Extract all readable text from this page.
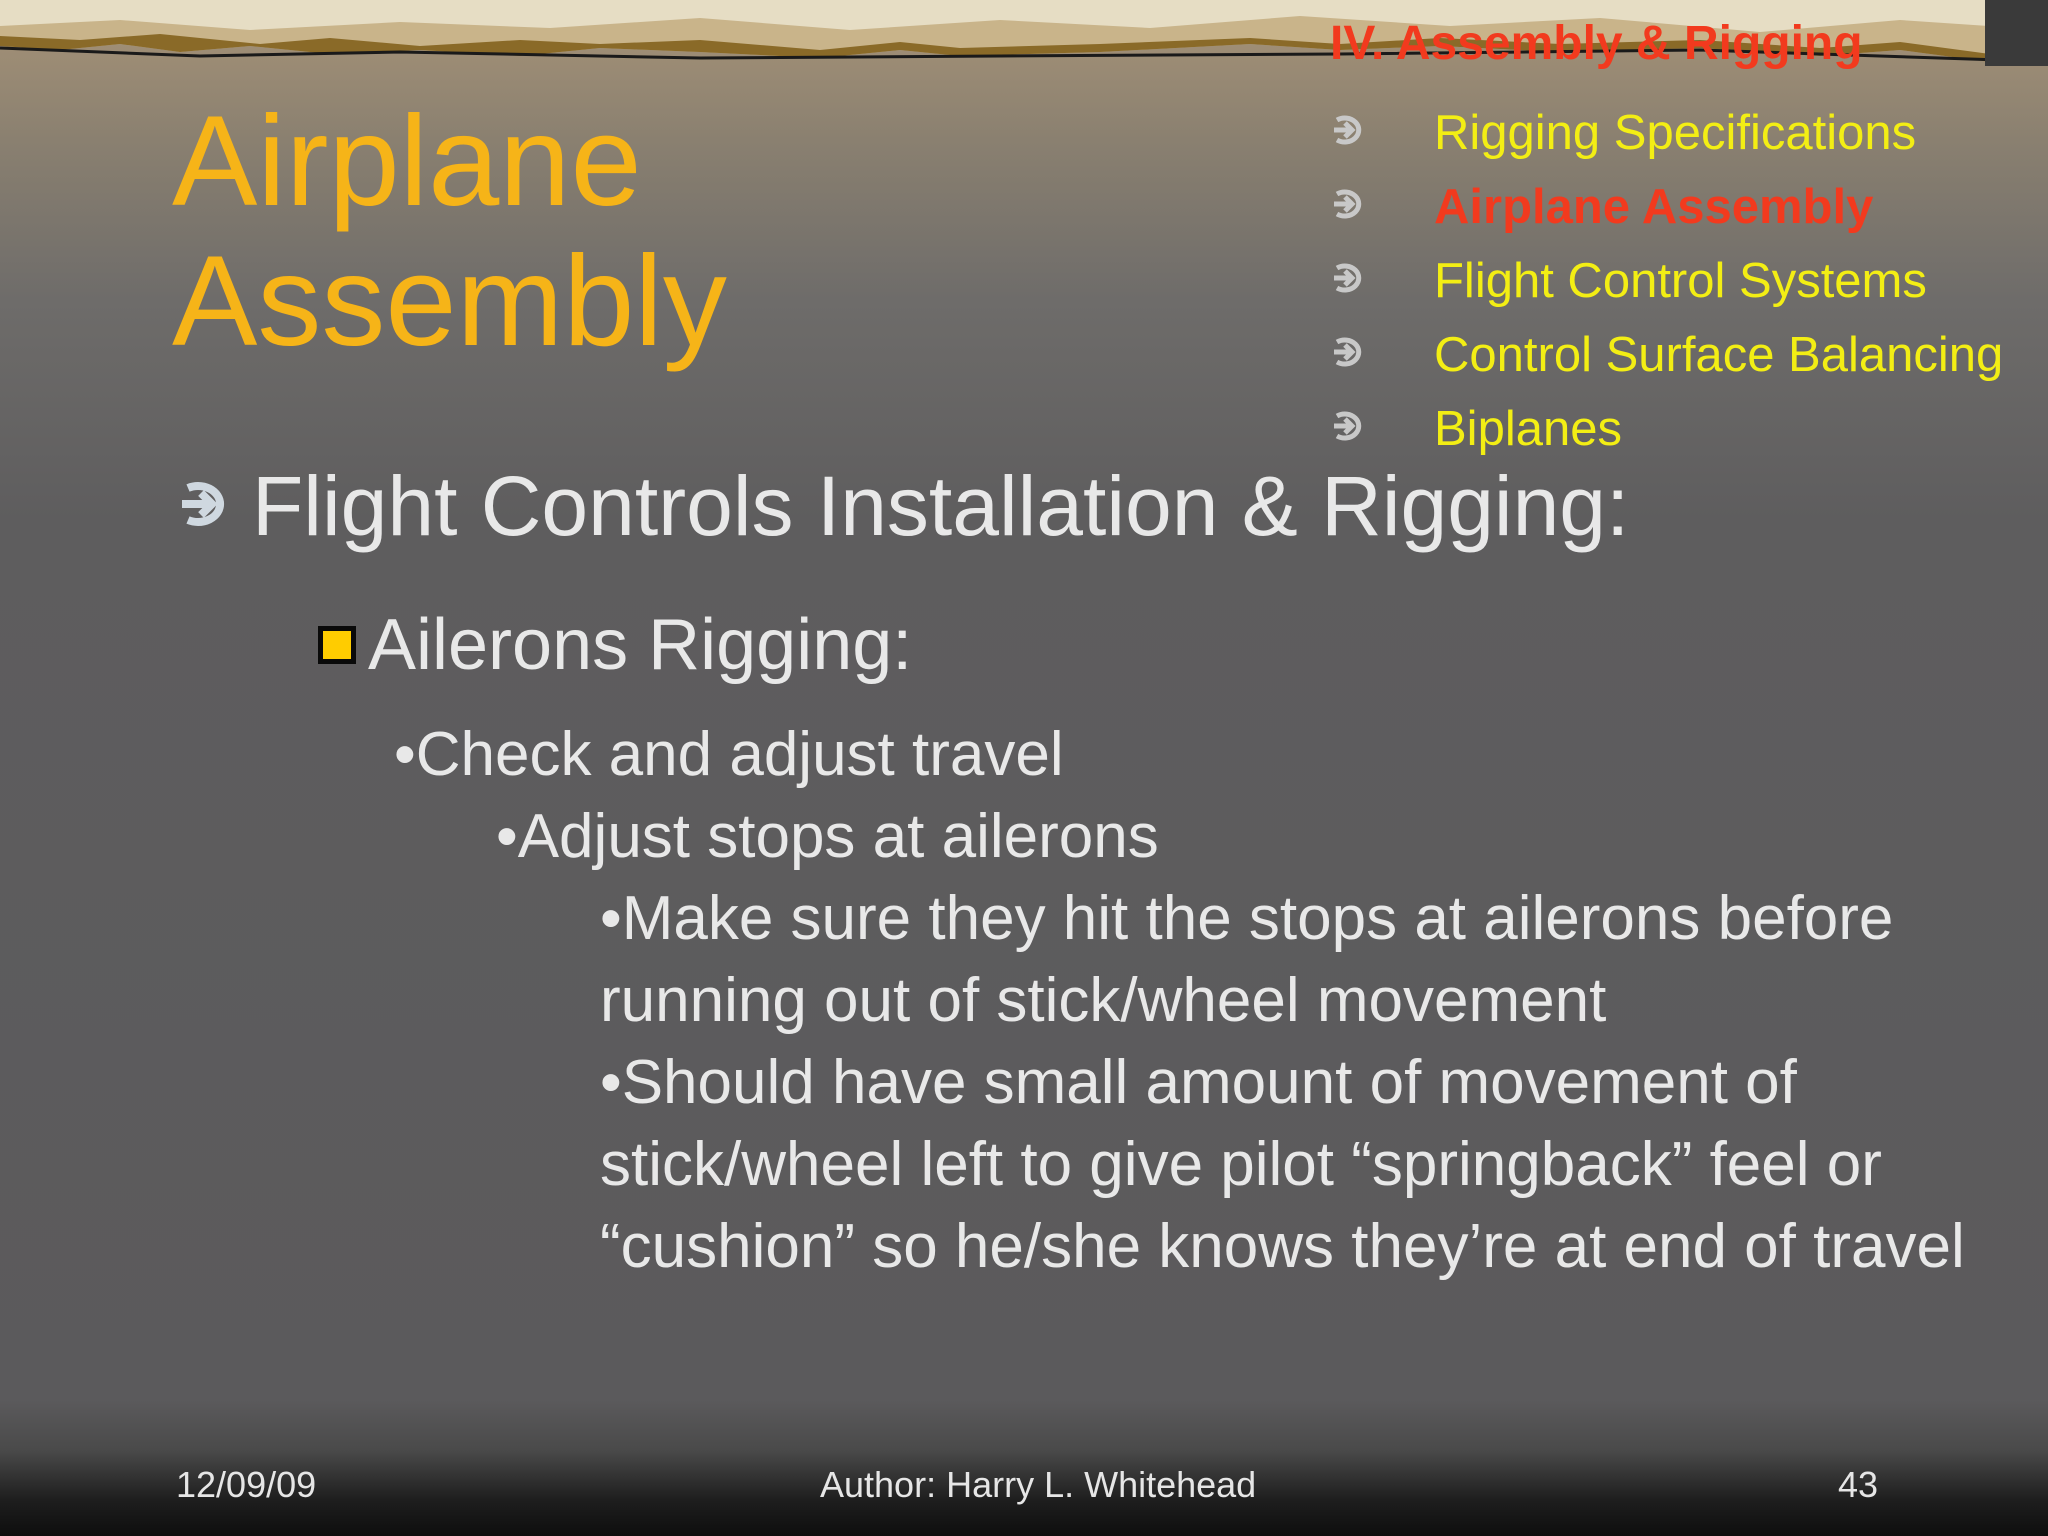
Airplane
Assembly
IV. Assembly & Rigging
Rigging Specifications
Airplane Assembly
Flight Control Systems
Control Surface Balancing
Biplanes
Flight Controls Installation & Rigging:
Ailerons Rigging:
•Check and adjust travel
•Adjust stops at ailerons
•Make sure they hit the stops at ailerons before running out of stick/wheel movement
•Should have small amount of movement of stick/wheel left to give pilot “springback” feel or “cushion” so he/she knows they’re at end of travel
12/09/09	Author: Harry L. Whitehead	43
